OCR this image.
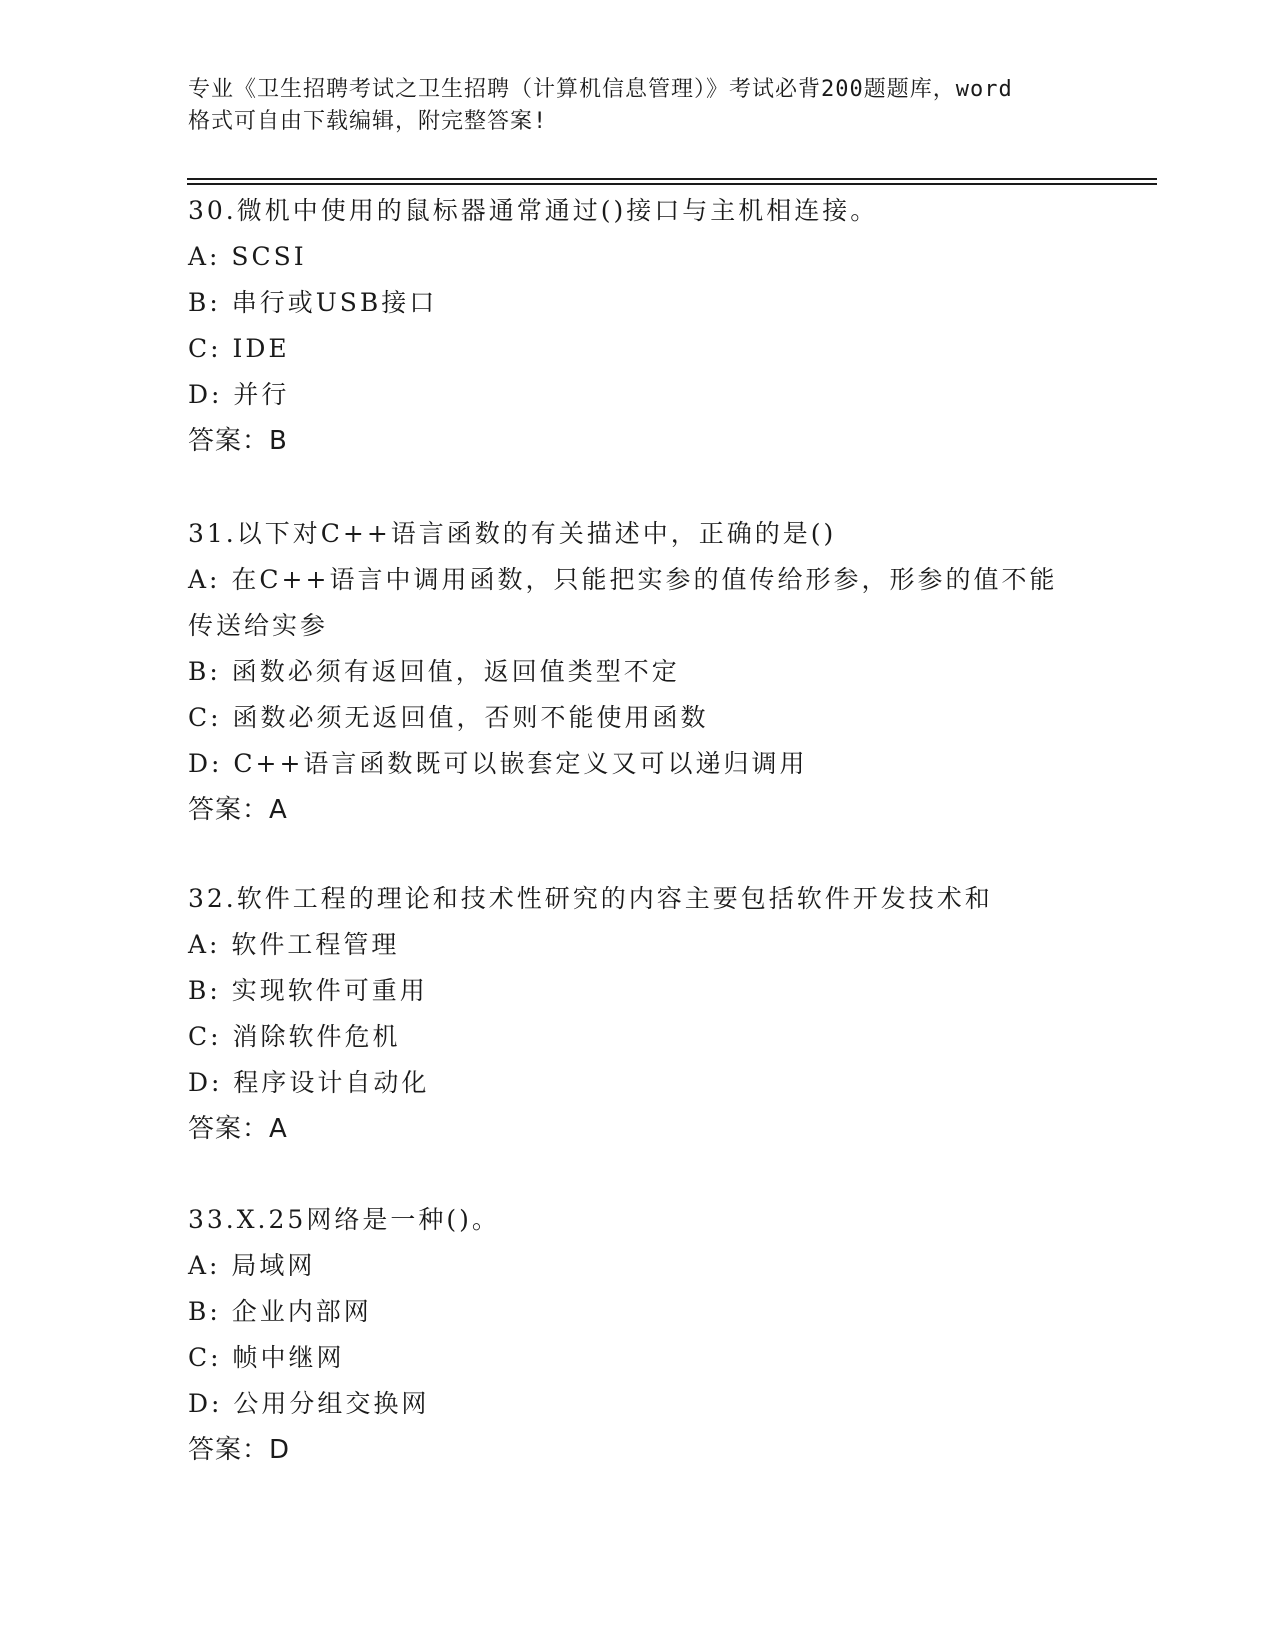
专业《卫生招聘考试之卫生招聘（计算机信息管理）》考试必背200题题库，word
格式可自由下载编辑，附完整答案!
30.微机中使用的鼠标器通常通过()接口与主机相连接。
A: SCSI
B: 串行或USB接口
C: IDE
D: 并行
答案：B
31.以下对C++语言函数的有关描述中，正确的是()
A: 在C++语言中调用函数，只能把实参的值传给形参，形参的值不能
传送给实参
B: 函数必须有返回值，返回值类型不定
C: 函数必须无返回值，否则不能使用函数
D: C++语言函数既可以嵌套定义又可以递归调用
答案：A
32.软件工程的理论和技术性研究的内容主要包括软件开发技术和
A: 软件工程管理
B: 实现软件可重用
C: 消除软件危机
D: 程序设计自动化
答案：A
33.X.25网络是一种()。
A: 局域网
B: 企业内部网
C: 帧中继网
D: 公用分组交换网
答案：D
